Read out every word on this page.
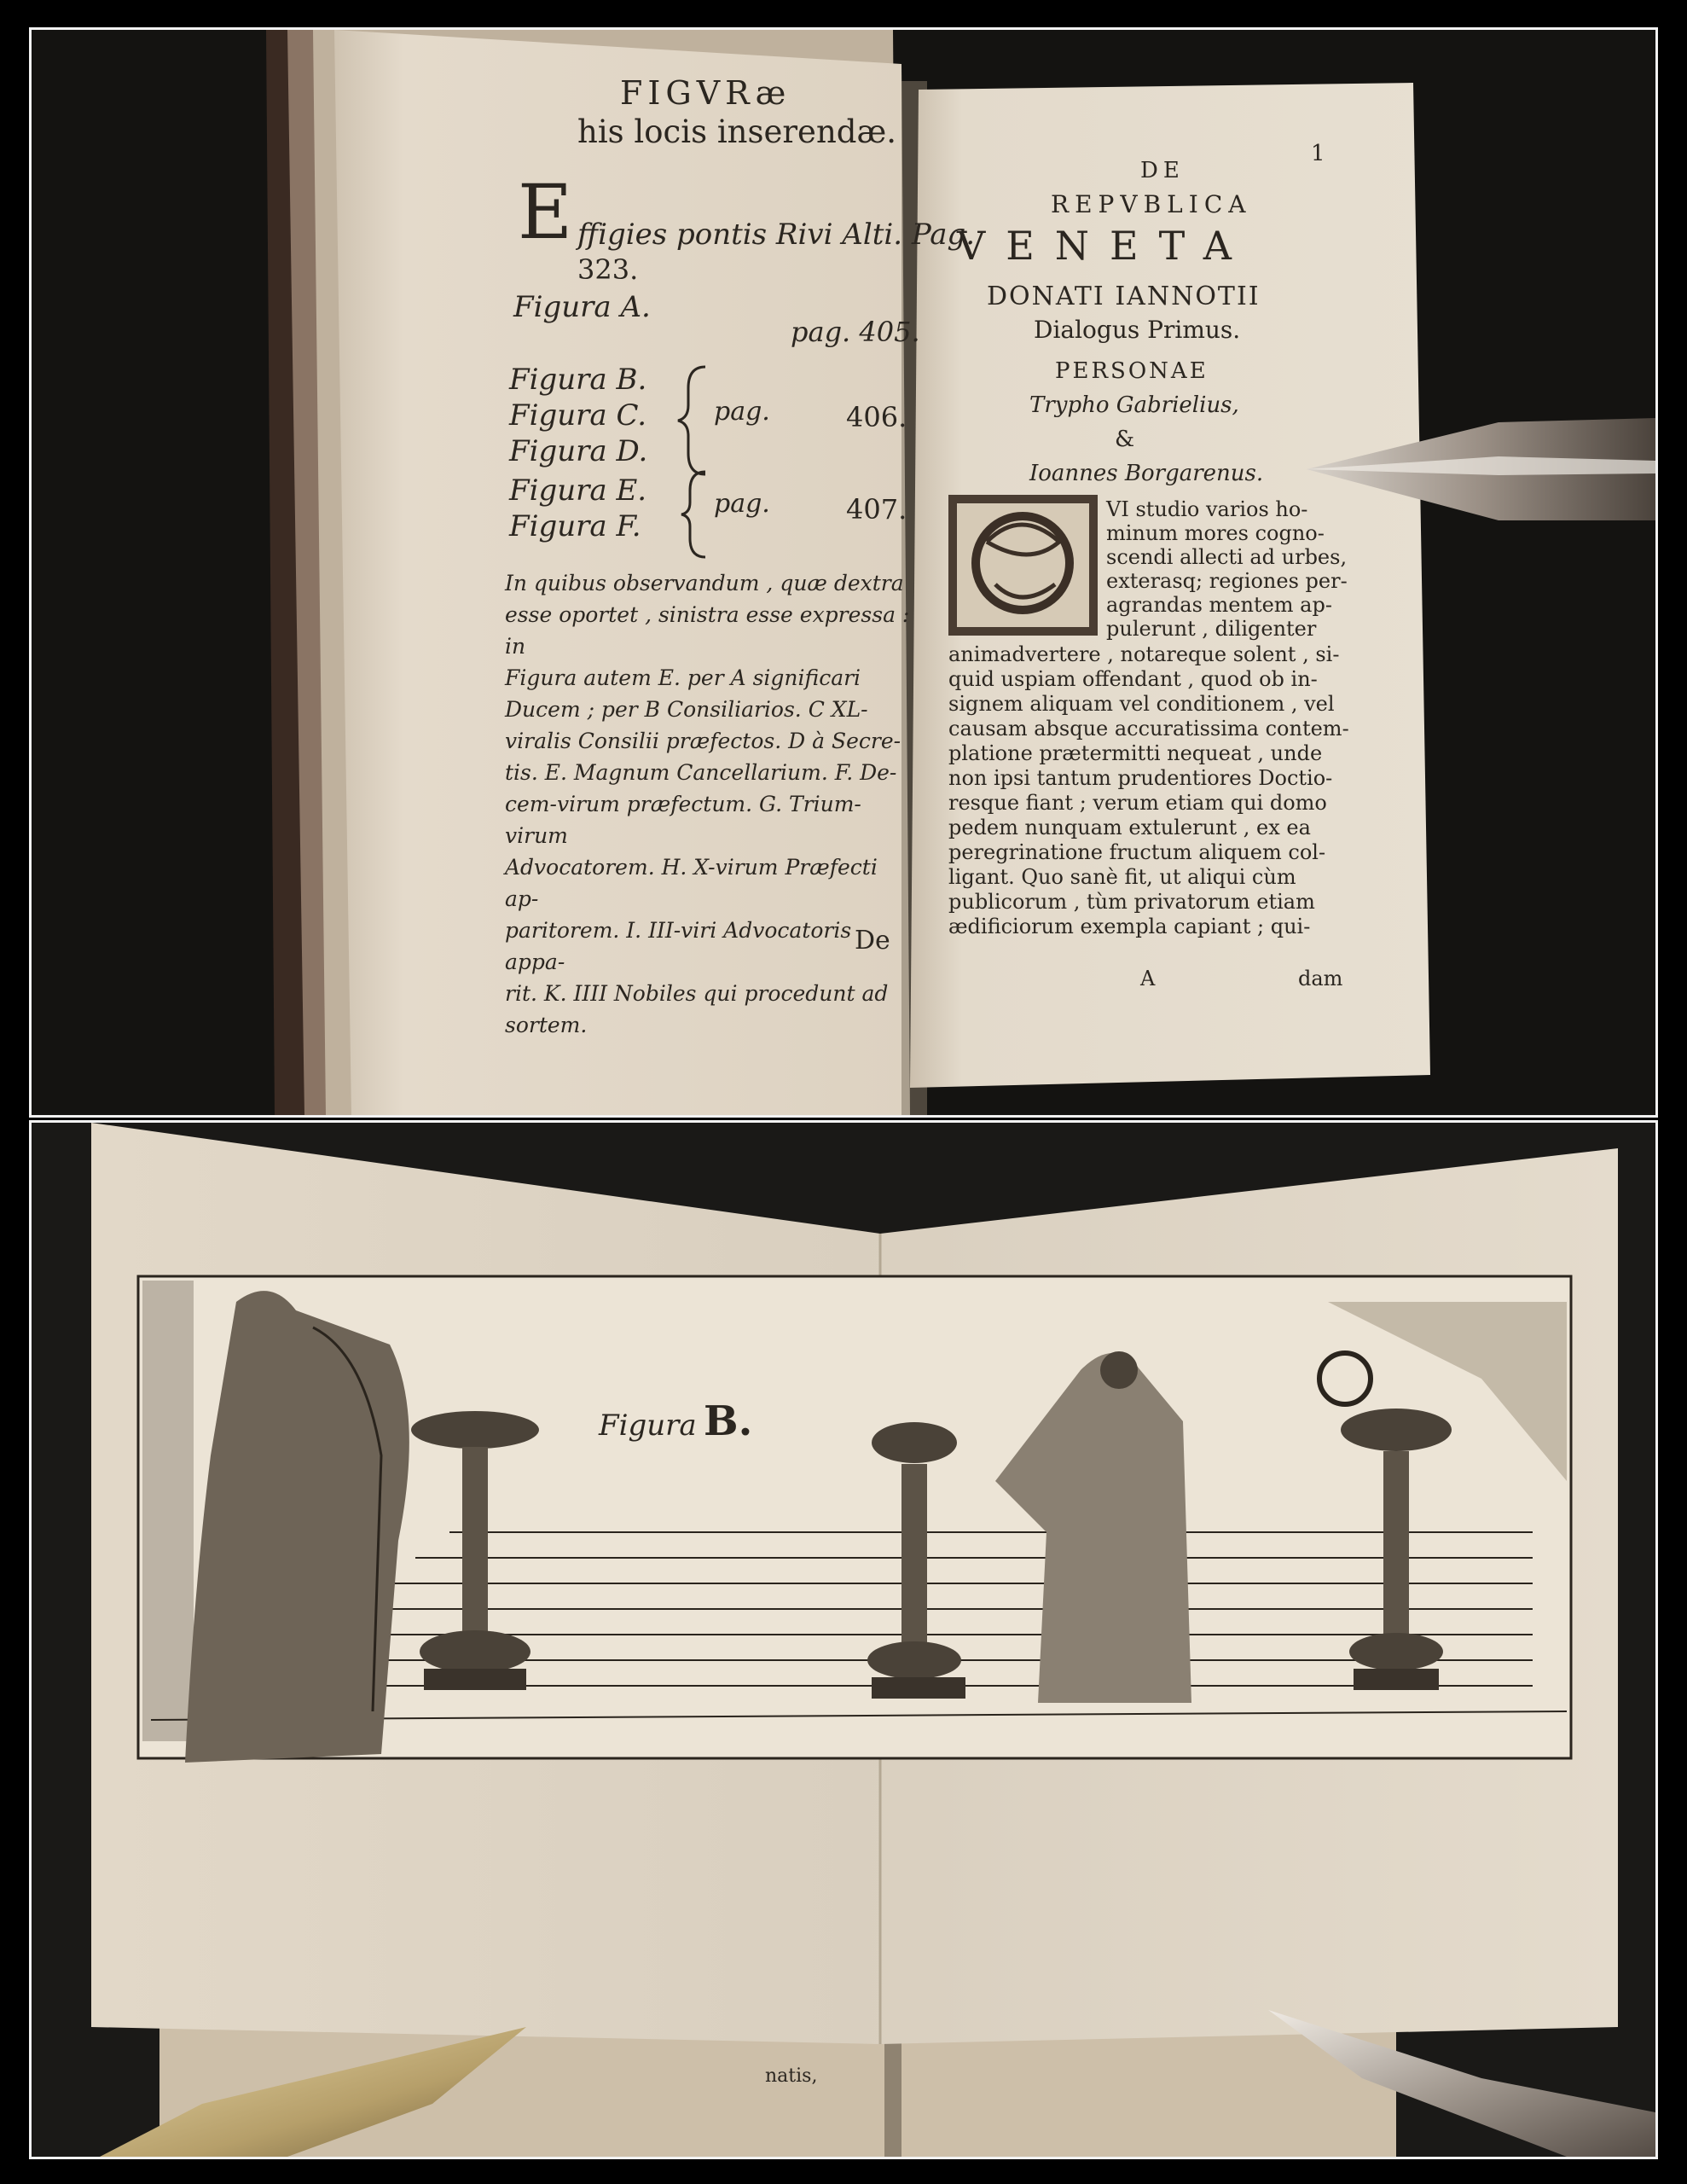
FIGVRæ
his locis inserendæ.
E ffigies pontis Rivi Alti. Pag.
323.
Figura A.
pag. 405.
Figura B.
Figura C.
Figura D.
pag.	406.
Figura E.
Figura F.
pag.	407.
In quibus observandum , quæ dextra
esse oportet , sinistra esse expressa : in
Figura autem E. per A significari
Ducem ; per B Consiliarios. C XL-
viralis Consilii præfectos. D à Secre-
tis. E. Magnum Cancellarium. F. De-
cem-virum præfectum. G. Trium-virum
Advocatorem. H. X-virum Præfecti ap-
paritorem. I. III-viri Advocatoris appa-
rit. K. IIII Nobiles qui procedunt ad
sortem.
De
1
DE
REPVBLICA
VENETA
DONATI IANNOTII
Dialogus Primus.
PERSONAE
Trypho Gabrielius,
&
Ioannes Borgarenus.
VI studio varios ho-
minum mores cogno-
scendi allecti ad urbes,
exterasq; regiones per-
agrandas mentem ap-
pulerunt , diligenter
animadvertere , notareque solent , si-
quid uspiam offendant , quod ob in-
signem aliquam vel conditionem , vel
causam absque accuratissima contem-
platione prætermitti nequeat , unde
non ipsi tantum prudentiores Doctio-
resque fiant ; verum etiam qui domo
pedem nunquam extulerunt , ex ea
peregrinatione fructum aliquem col-
ligant. Quo sanè fit, ut aliqui cùm
publicorum , tùm privatorum etiam
ædificiorum exempla capiant ; qui-
A	dam
Figura B.
natis,
